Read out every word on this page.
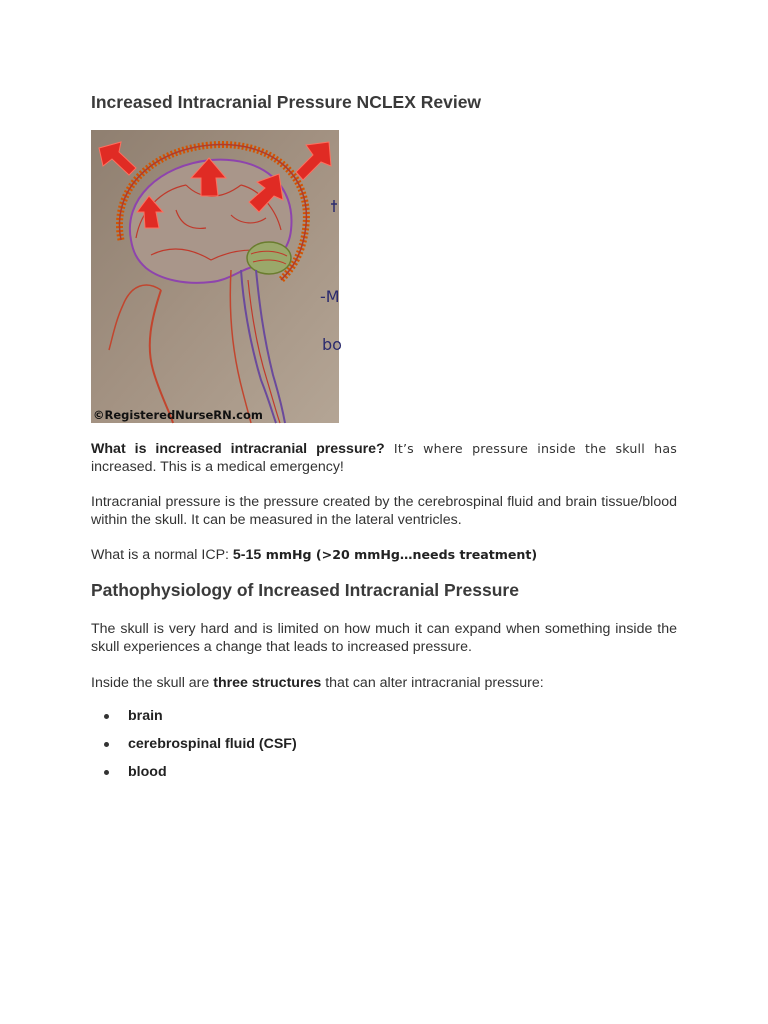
Increased Intracranial Pressure NCLEX Review
-M
bo
©RegisteredNurseRN.com

What is increased intracranial pressure? It’s where pressure inside the skull has increased. This is a medical emergency!

Intracranial pressure is the pressure created by the cerebrospinal fluid and brain tissue/blood within the skull. It can be measured in the lateral ventricles.

What is a normal ICP: 5-15 mmHg (>20 mmHg…needs treatment)

Pathophysiology of Increased Intracranial Pressure

The skull is very hard and is limited on how much it can expand when something inside the skull experiences a change that leads to increased pressure.

Inside the skull are three structures that can alter intracranial pressure:

brain
cerebrospinal fluid (CSF)
blood
